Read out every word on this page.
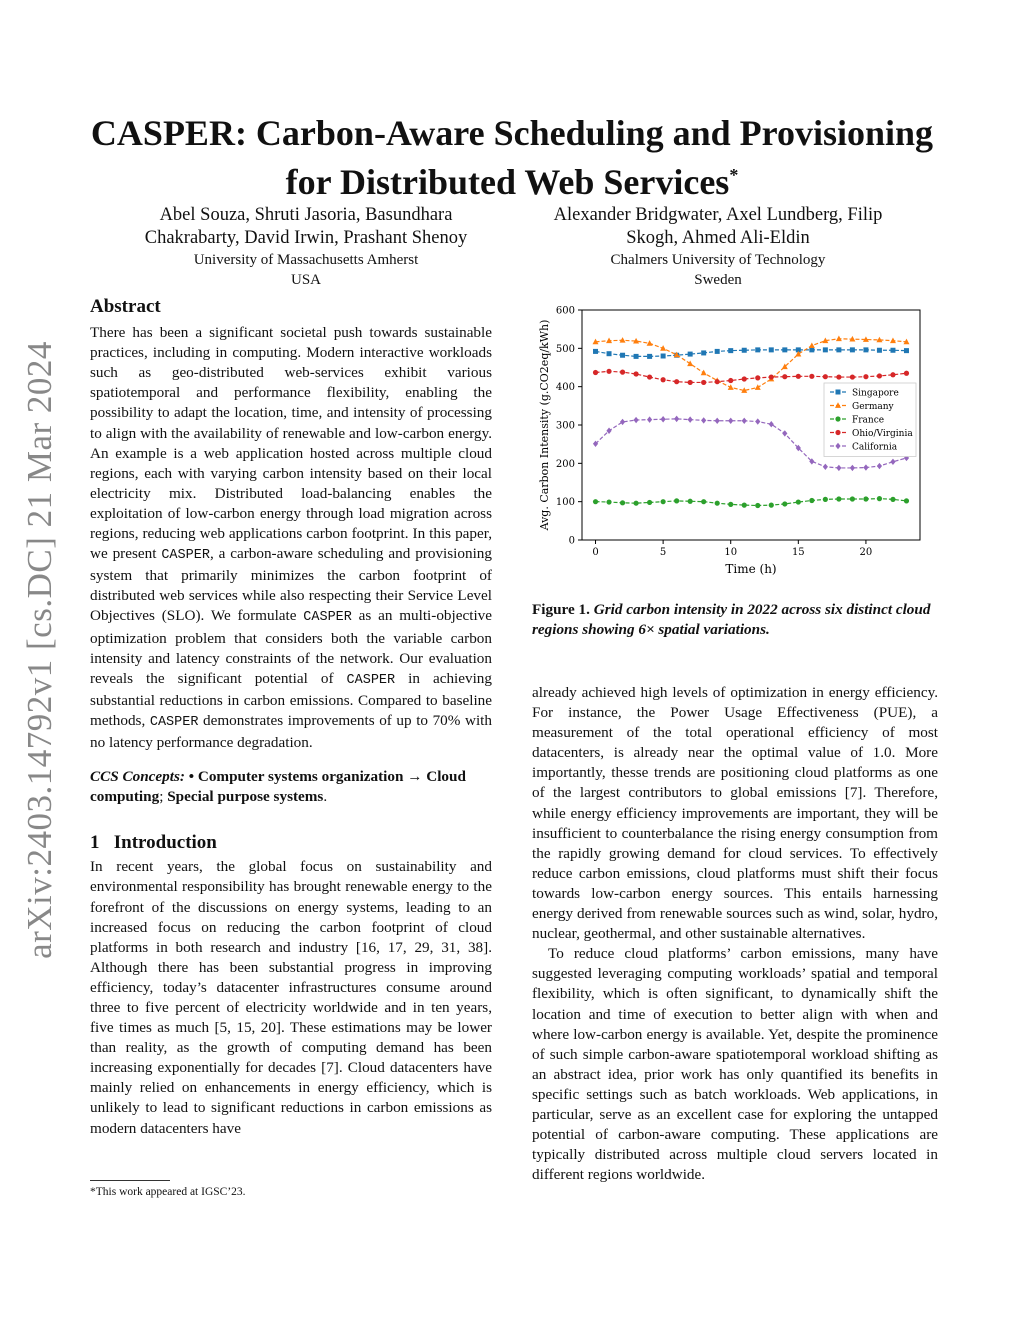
arXiv:2403.14792v1 [cs.DC] 21 Mar 2024
CASPER: Carbon-Aware Scheduling and Provisioning
for Distributed Web Services*
Abel Souza, Shruti Jasoria, Basundhara
Chakrabarty, David Irwin, Prashant Shenoy
University of Massachusetts Amherst
USA
Alexander Bridgwater, Axel Lundberg, Filip
Skogh, Ahmed Ali-Eldin
Chalmers University of Technology
Sweden
Abstract

There has been a significant societal push towards sustainable practices, including in computing. Modern interactive workloads such as geo-distributed web-services exhibit various spatiotemporal and performance flexibility, enabling the possibility to adapt the location, time, and intensity of processing to align with the availability of renewable and low-carbon energy. An example is a web application hosted across multiple cloud regions, each with varying carbon intensity based on their local electricity mix. Distributed load-balancing enables the exploitation of low-carbon energy through load migration across regions, reducing web applications carbon footprint. In this paper, we present CASPER, a carbon-aware scheduling and provisioning system that primarily minimizes the carbon footprint of distributed web services while also respecting their Service Level Objectives (SLO). We formulate CASPER as an multi-objective optimization problem that considers both the variable carbon intensity and latency constraints of the network. Our evaluation reveals the significant potential of CASPER in achieving substantial reductions in carbon emissions. Compared to baseline methods, CASPER demonstrates improvements of up to 70% with no latency performance degradation.

CCS Concepts: • Computer systems organization → Cloud computing; Special purpose systems.

1 Introduction

In recent years, the global focus on sustainability and environmental responsibility has brought renewable energy to the forefront of the discussions on energy systems, leading to an increased focus on reducing the carbon footprint of cloud platforms in both research and industry [16, 17, 29, 31, 38]. Although there has been substantial progress in improving efficiency, today’s datacenter infrastructures consume around three to five percent of electricity worldwide and in ten years, five times as much [5, 15, 20]. These estimations may be lower than reality, as the growth of computing demand has been increasing exponentially for decades [7]. Cloud datacenters have mainly relied on enhancements in energy efficiency, which is unlikely to lead to significant reductions in carbon emissions as modern datacenters have

*This work appeared at IGSC’23.
0
100
200
300
400
500
600
0	5	10	15	20
Time (h)
Avg. Carbon Intensity (g.CO2eq/kWh)	Singapore
Germany
France
Ohio/Virginia
California
Figure 1. Grid carbon intensity in 2022 across six distinct cloud regions showing 6× spatial variations.

already achieved high levels of optimization in energy efficiency. For instance, the Power Usage Effectiveness (PUE), a measurement of the total operational efficiency of most datacenters, is already near the optimal value of 1.0. More importantly, thesse trends are positioning cloud platforms as one of the largest contributors to global emissions [7]. Therefore, while energy efficiency improvements are important, they will be insufficient to counterbalance the rising energy consumption from the rapidly growing demand for cloud services. To effectively reduce carbon emissions, cloud platforms must shift their focus towards low-carbon energy sources. This entails harnessing energy derived from renewable sources such as wind, solar, hydro, nuclear, geothermal, and other sustainable alternatives.

To reduce cloud platforms’ carbon emissions, many have suggested leveraging computing workloads’ spatial and temporal flexibility, which is often significant, to dynamically shift the location and time of execution to better align with when and where low-carbon energy is available. Yet, despite the prominence of such simple carbon-aware spatiotemporal workload shifting as an abstract idea, prior work has only quantified its benefits in specific settings such as batch workloads. Web applications, in particular, serve as an excellent case for exploring the untapped potential of carbon-aware computing. These applications are typically distributed across multiple cloud servers located in different regions worldwide.
